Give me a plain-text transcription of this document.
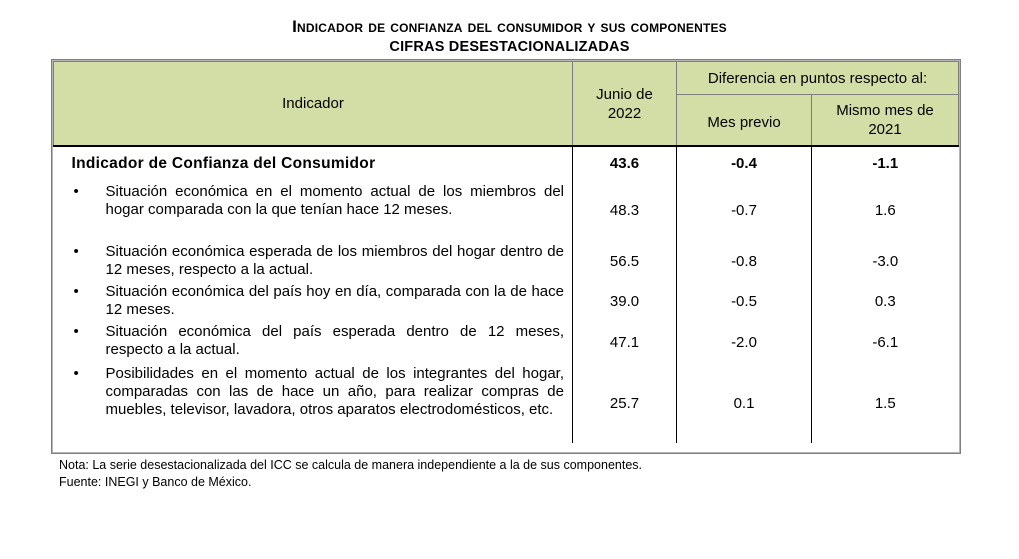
Indicador de confianza del consumidor y sus componentes
CIFRAS DESESTACIONALIZADAS
Indicador	Junio de 2022	Diferencia en puntos respecto al:	
		Mes previo	Mismo mes de 2021
Indicador de Confianza del Consumidor	43.6	-0.4	-1.1

• Situación económica en el momento actual de los miembros del hogar comparada con la que tenían hace 12 meses.	48.3	-0.7	1.6

• Situación económica esperada de los miembros del hogar dentro de 12 meses, respecto a la actual.	56.5	-0.8	-3.0

• Situación económica del país hoy en día, comparada con la de hace 12 meses.	39.0	-0.5	0.3

• Situación económica del país esperada dentro de 12 meses, respecto a la actual.	47.1	-2.0	-6.1

• Posibilidades en el momento actual de los integrantes del hogar, comparadas con las de hace un año, para realizar compras de muebles, televisor, lavadora, otros aparatos electrodomésticos, etc.	25.7	0.1	1.5
Nota: La serie desestacionalizada del ICC se calcula de manera independiente a la de sus componentes.
Fuente: INEGI y Banco de México.
